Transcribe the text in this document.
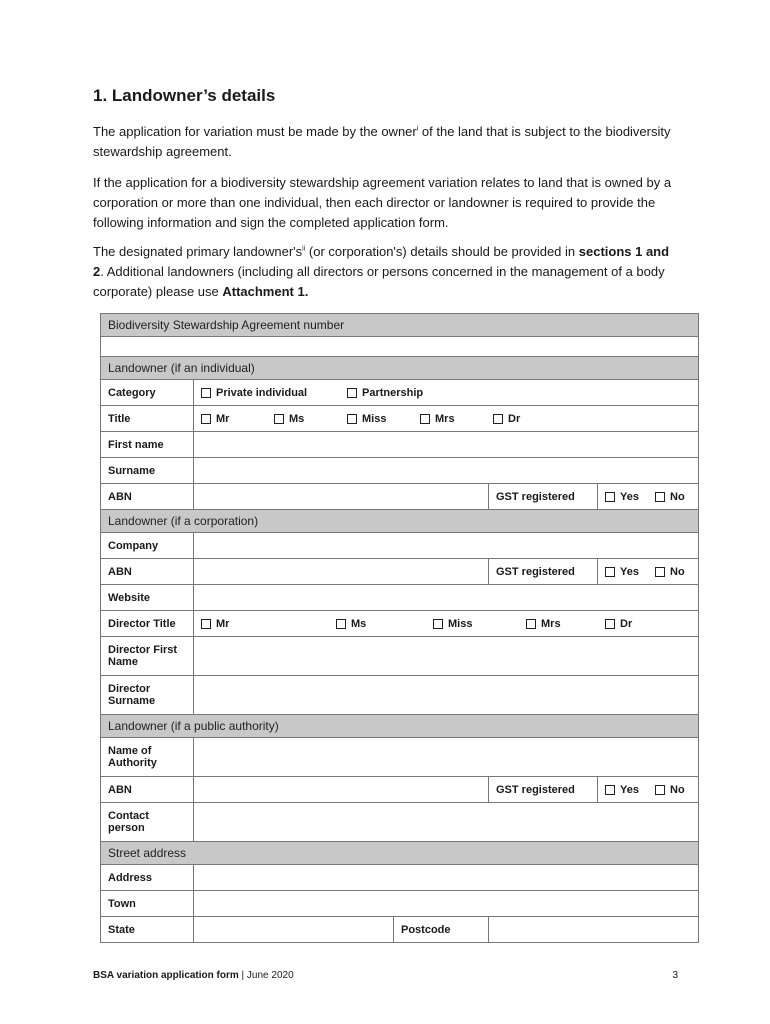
1. Landowner’s details

The application for variation must be made by the owner$^i$ of the land that is subject to the biodiversity stewardship agreement.

If the application for a biodiversity stewardship agreement variation relates to land that is owned by a corporation or more than one individual, then each director or landowner is required to provide the following information and sign the completed application form.

The designated primary $landowner's^{ii}$ (or corporation's) details should be provided in sections 1 and 2. Additional landowners (including all directors or persons concerned in the management of a body corporate) please use Attachment 1.

Biodiversity Stewardship Agreement number				

Landowner (if an individual)				
Category	Private individual Partnership			

Title	Mr Ms Miss Mrs Dr			

First name				
Surname				
ABN			GST registered	Yes No

Landowner (if a corporation)				
Company				
ABN			GST registered	Yes No

Website				
Director Title	Mr Ms Miss Mrs Dr			

Director First Name				
Director Surname				
Landowner (if a public authority)				
Name of Authority				
ABN			GST registered	Yes No

Contact person				
Street address				
Address				
Town				
State		Postcode		
BSA variation application form | June 2020	3
